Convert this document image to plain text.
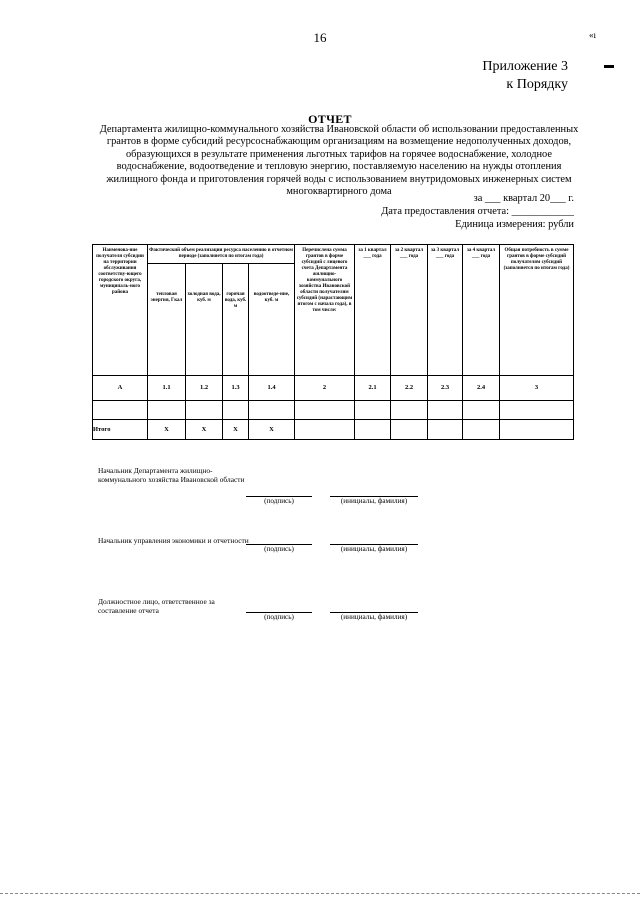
16	«ı
▬
Приложение 3
к Порядку
ОТЧЕТ
Департамента жилищно-коммунального хозяйства Ивановской области об использовании предоставленных грантов в форме субсидий ресурсоснабжающим организациям на возмещение недополученных доходов, образующихся в результате применения льготных тарифов на горячее водоснабжение, холодное водоснабжение, водоотведение и тепловую энергию, поставляемую населению на нужды отопления жилищного фонда и приготовления горячей воды с использованием внутридомовых инженерных систем многоквартирного дома
за ___ квартал 20___ г.
Дата предоставления отчета: ____________
Единица измерения: рубли
Наименова-ние получателя субсидии на территории обслуживания соответству-ющего городского округа, муниципаль-ного района	Фактический объем реализации ресурса населению в отчетном периоде (заполняется по итогам года)				Перечислена сумма грантов в форме субсидий с лицевого счета Департамента жилищно-коммунального хозяйства Ивановской области получателям субсидий (нарастающим итогом с начала года), в том числе:	за 1 квартал ___ года	за 2 квартал ___ года	за 3 квартал ___ года	за 4 квартал ___ года	Общая потребность в сумме грантов в форме субсидий получателям субсидий (заполняется по итогам года)
	тепловая энергия, Гкал	холодная вода, куб. м	горячая вода, куб. м	водоотведе-ние, куб. м						
А	1.1	1.2	1.3	1.4	2	2.1	2.2	2.3	2.4	3

Итого	Х	Х	Х	Х						
Начальник Департамента жилищно-коммунального хозяйства Ивановской области
(подпись)	(инициалы, фамилия)
Начальник управления экономики и отчетности
(подпись)	(инициалы, фамилия)
Должностное лицо, ответственное за составление отчета
(подпись)	(инициалы, фамилия)
